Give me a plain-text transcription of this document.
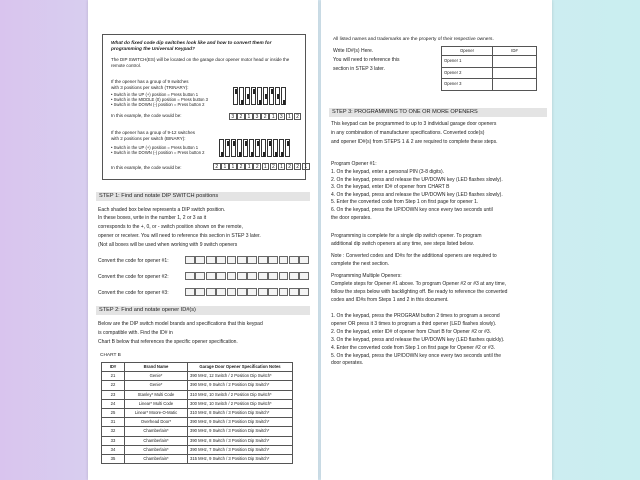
What do fixed code dip switches look like and how to convert them for programming the Universal Keypad?
The DIP SWITCH(ES) will be located on the garage door opener motor head or inside the
remote control.
If the opener has a group of 9 switches
with 3 positions per switch (TRINARY):
• Switch in the UP (+) position = Press button 1
• Switch in the MIDDLE (0) position = Press button 3
• Switch in the DOWN (-) position = Press button 2
In this example, the code would be:	3	2	1	3	2	1	3	1	2
If the opener has a group of 9-12 switches
with 2 positions per switch (BINARY):
• Switch in the UP (+) position = Press button 1
• Switch in the DOWN (-) position = Press button 2
In this example, the code would be:	2	1	1	2	1	2	1	2	1	2	2	1
STEP 1: Find and notate DIP SWITCH positions
Each shaded box below represents a DIP switch position.
In these boxes, write in the number 1, 2 or 3 as it
corresponds to the +, 0, or - switch position shown on the remote,
opener or receiver. You will need to reference this section in STEP 3 later.
(Not all boxes will be used when working with 9 switch openers
Convert the code for opener #1:
Convert the code for opener #2:
Convert the code for opener #3:
STEP 2: Find and notate opener ID#(s)
Below are the DIP switch model brands and specifications that this keypad
is compatible with. Find the ID# in
Chart B below that references the specific opener specification.
CHART B
ID#	Brand Name	Garage Door Opener Specification Notes
21	Genie*	390 MHz, 12 Switch / 2 Position Dip Switch*
22	Genie*	390 MHz, 9 Switch / 2 Position Dip Switch*
23	Stanley* Multi Code	310 MHz, 10 Switch / 2 Position Dip Switch*
24	Linear* Multi Code	300 MHz, 10 Switch / 2 Position Dip Switch*
25	Linear* Moore-O-Matic	310 MHz, 8 Switch / 3 Position Dip Switch*
31	Overhead Door*	390 MHz, 9 Switch / 3 Position Dip Switch*
32	Chamberlain*	390 MHz, 9 Switch / 3 Position Dip Switch*
33	Chamberlain*	390 MHz, 8 Switch / 3 Position Dip Switch*
34	Chamberlain*	390 MHz, 7 Switch / 3 Position Dip Switch*
35	Chamberlain*	315 MHz, 9 Switch / 3 Position Dip Switch*
All listed names and trademarks are the property of their respective owners.
Write ID#(s) Here.
You will need to reference this
section in STEP 3 later.
Opener	ID#
Opener 1	
Opener 2	
Opener 3	
STEP 3: PROGRAMMING TO ONE OR MORE OPENERS
This keypad can be programmed to up to 3 individual garage door openers
in any combination of manufacturer specifications. Converted code(s)
and opener ID#(s) from STEPS 1 & 2 are required to complete these steps.
Program Opener #1:
1. On the keypad, enter a personal PIN (3-8 digits).
2. On the keypad, press and release the UP/DOWN key (LED flashes slowly).
3. On the keypad, enter ID# of opener from CHART B
4. On the keypad, press and release the UP/DOWN key (LED flashes slowly).
5. Enter the converted code from Step 1 on first page for opener 1.
6. On the keypad, press the UP/DOWN key once every two seconds until
the door operates.
Programming is complete for a single dip switch opener. To program
additional dip switch openers at any time, see steps listed below.
Note : Converted codes and ID#s for the additional openers are required to
complete the next section.
Programming Multiple Openers:
Complete steps for Opener #1 above. To program Opener #2 or #3 at any time,
follow the steps below with backlighting off. Be ready to reference the converted
codes and ID#s from Steps 1 and 2 in this document.
1. On the keypad, press the PROGRAM button 2 times to program a second
opener OR press it 3 times to program a third opener (LED flashes slowly).
2. On the keypad, enter ID# of opener from Chart B for Opener #2 or #3.
3. On the keypad, press and release the UP/DOWN key (LED flashes quickly).
4. Enter the converted code from Step 1 on first page for Opener #2 or #3.
5. On the keypad, press the UP/DOWN key once every two seconds until the
door operates.
